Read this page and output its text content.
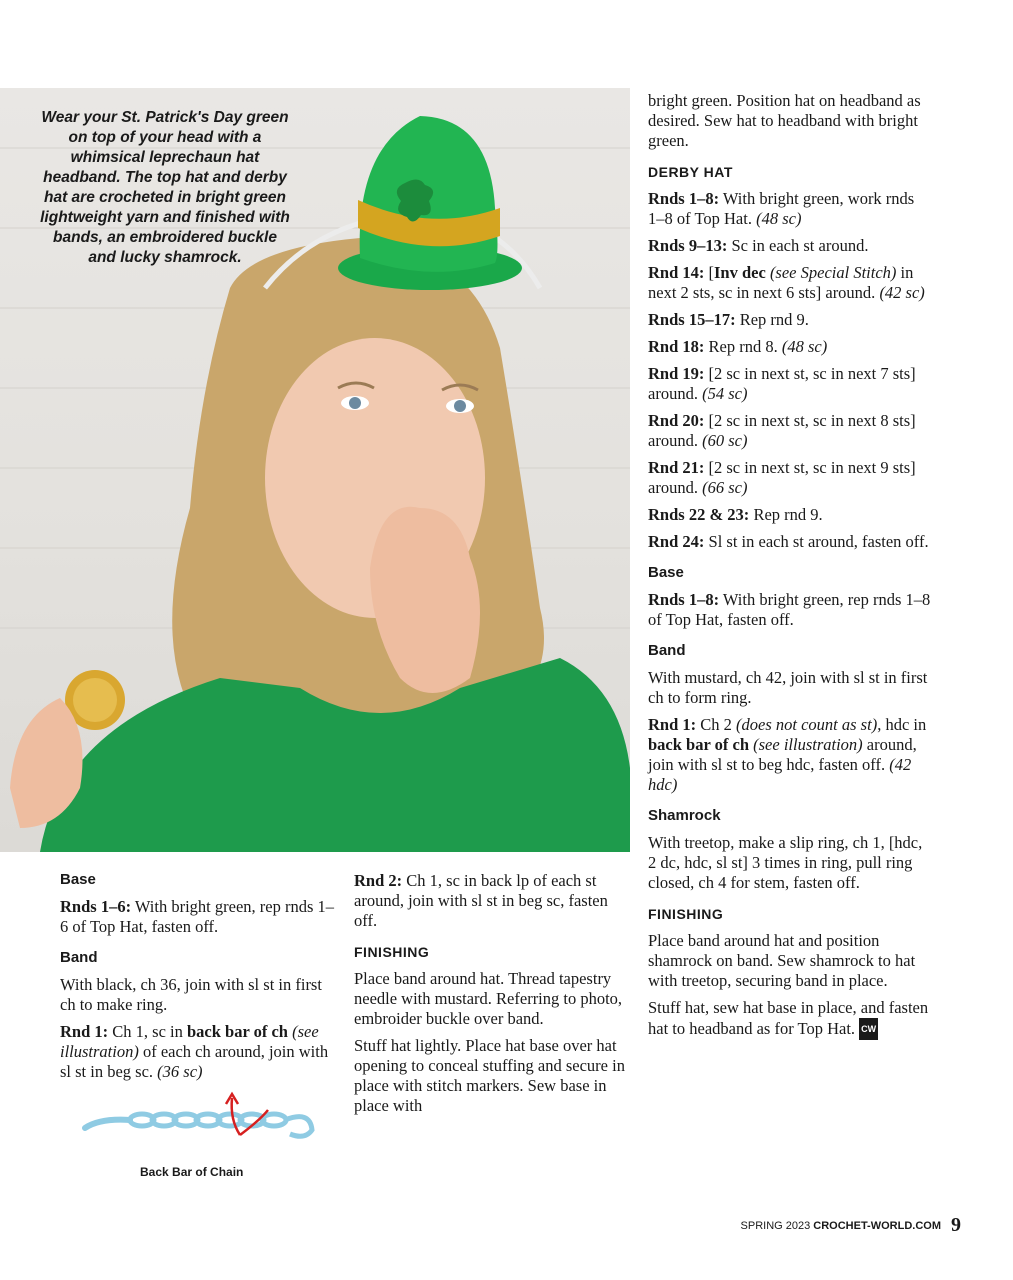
Wear your St. Patrick's Day green on top of your head with a whimsical leprechaun hat headband. The top hat and derby hat are crocheted in bright green lightweight yarn and finished with bands, an embroidered buckle and lucky shamrock.

bright green. Position hat on headband as desired. Sew hat to headband with bright green.

DERBY HAT

Rnds 1–8: With bright green, work rnds 1–8 of Top Hat. (48 sc)

Rnds 9–13: Sc in each st around.

Rnd 14: [Inv dec (see Special Stitch) in next 2 sts, sc in next 6 sts] around. (42 sc)

Rnds 15–17: Rep rnd 9.

Rnd 18: Rep rnd 8. (48 sc)

Rnd 19: [2 sc in next st, sc in next 7 sts] around. (54 sc)

Rnd 20: [2 sc in next st, sc in next 8 sts] around. (60 sc)

Rnd 21: [2 sc in next st, sc in next 9 sts] around. (66 sc)

Rnds 22 & 23: Rep rnd 9.

Rnd 24: Sl st in each st around, fasten off.

Base

Rnds 1–8: With bright green, rep rnds 1–8 of Top Hat, fasten off.

Band

With mustard, ch 42, join with sl st in first ch to form ring.

Rnd 1: Ch 2 (does not count as st), hdc in back bar of ch (see illustration) around, join with sl st to beg hdc, fasten off. (42 hdc)

Shamrock

With treetop, make a slip ring, ch 1, [hdc, 2 dc, hdc, sl st] 3 times in ring, pull ring closed, ch 4 for stem, fasten off.

FINISHING

Place band around hat and position shamrock on band. Sew shamrock to hat with treetop, securing band in place.

Stuff hat, sew hat base in place, and fasten hat to headband as for Top Hat. CW

Base

Rnds 1–6: With bright green, rep rnds 1–6 of Top Hat, fasten off.

Band

With black, ch 36, join with sl st in first ch to make ring.

Rnd 1: Ch 1, sc in back bar of ch (see illustration) of each ch around, join with sl st in beg sc. (36 sc)

Back Bar of Chain

Rnd 2: Ch 1, sc in back lp of each st around, join with sl st in beg sc, fasten off.

FINISHING

Place band around hat. Thread tapestry needle with mustard. Referring to photo, embroider buckle over band.

Stuff hat lightly. Place hat base over hat opening to conceal stuffing and secure in place with stitch markers. Sew base in place with

SPRING 2023 CROCHET-WORLD.COM 9
